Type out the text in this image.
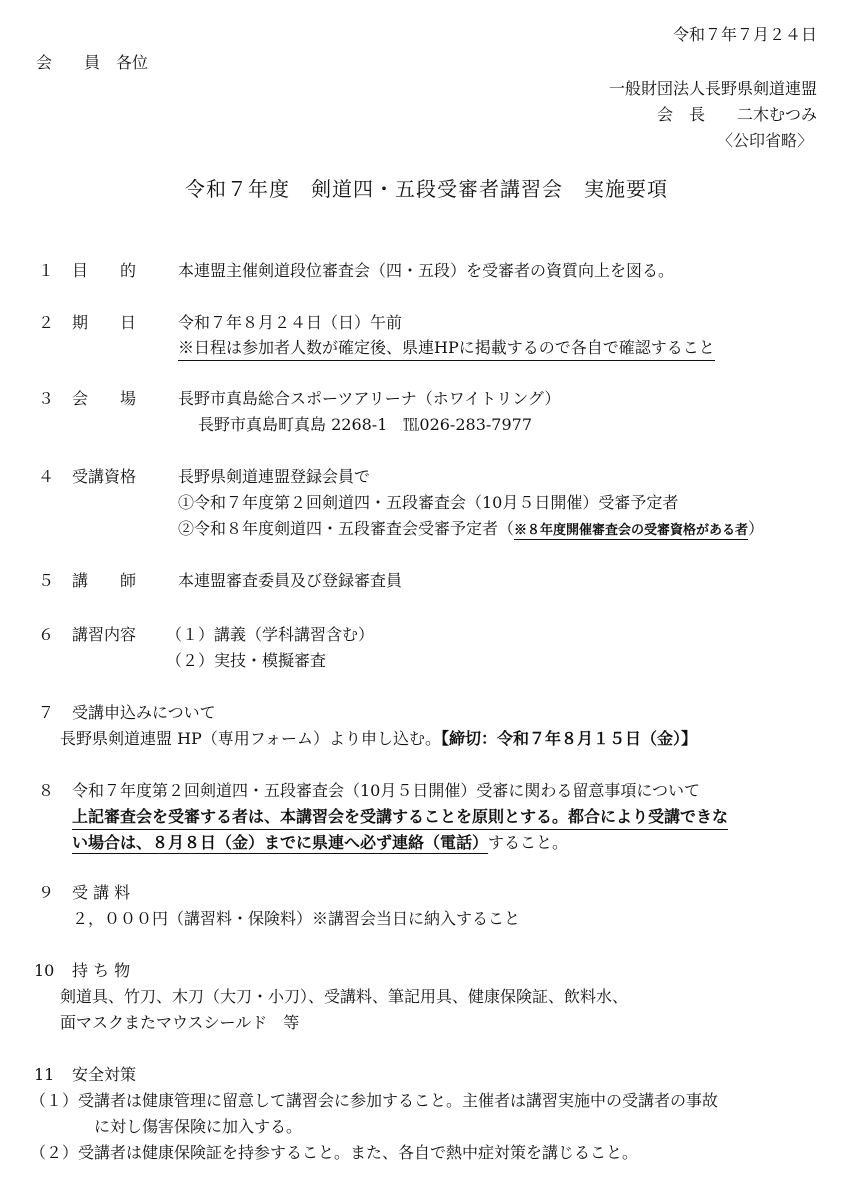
令和７年７月２４日
会　　員　各位
一般財団法人長野県剣道連盟
会　長　　二木むつみ
〈公印省略〉
令和７年度　剣道四・五段受審者講習会　実施要項
１ 目　　的	本連盟主催剣道段位審査会（四・五段）を受審者の資質向上を図る。
２ 期　　日	令和７年８月２４日（日）午前
※日程は参加者人数が確定後、県連HPに掲載するので各自で確認すること
３ 会　　場	長野市真島総合スポーツアリーナ（ホワイトリング）
長野市真島町真島 2268-1　℡026-283-7977
４ 受講資格	長野県剣道連盟登録会員で
①令和７年度第２回剣道四・五段審査会（10月５日開催）受審予定者
②令和８年度剣道四・五段審査会受審予定者（※８年度開催審査会の受審資格がある者）
５ 講　　師	本連盟審査委員及び登録審査員
６ 講習内容 （１）講義（学科講習含む）
（２）実技・模擬審査
７ 受講申込みについて
長野県剣道連盟 HP（専用フォーム）より申し込む。【締切：令和７年８月１５日（金）】
８ 令和７年度第２回剣道四・五段審査会（10月５日開催）受審に関わる留意事項について
上記審査会を受審する者は、本講習会を受講することを原則とする。都合により受講できな
い場合は、８月８日（金）までに県連へ必ず連絡（電話）すること。
９ 受 講 料
２，０００円（講習料・保険料）※講習会当日に納入すること
10 持 ち 物
剣道具、竹刀、木刀（大刀・小刀）、受講料、筆記用具、健康保険証、飲料水、
面マスクまたマウスシールド　等
11 安全対策
（１）受講者は健康管理に留意して講習会に参加すること。主催者は講習実施中の受講者の事故
に対し傷害保険に加入する。
（２）受講者は健康保険証を持参すること。また、各自で熱中症対策を講じること。
